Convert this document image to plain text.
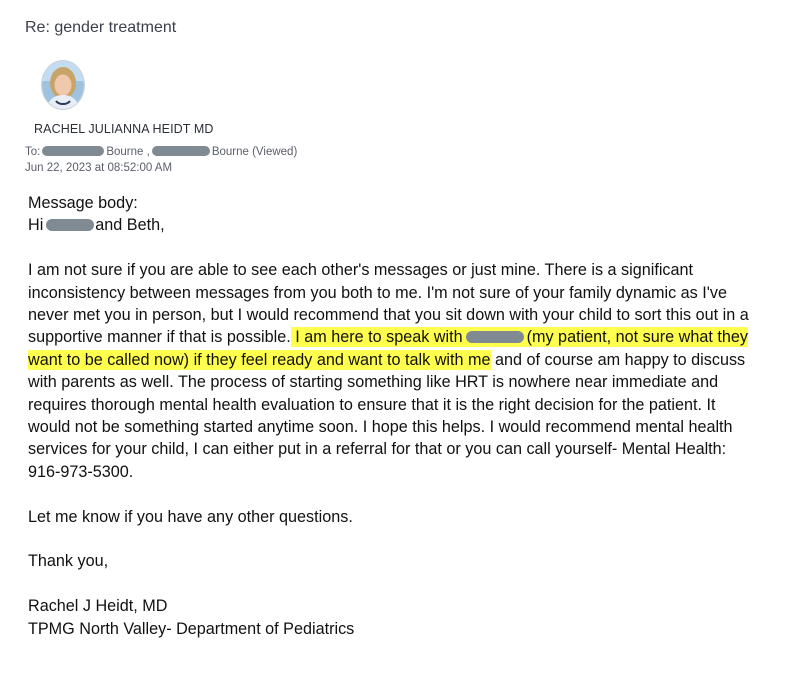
Re: gender treatment
RACHEL JULIANNA HEIDT MD
To:	Bourne ,	Bourne (Viewed)
Jun 22, 2023 at 08:52:00 AM

Message body:

Hi	and Beth,

I am not sure if you are able to see each other's messages or just mine. There is a significant inconsistency between messages from you both to me. I'm not sure of your family dynamic as I've never met you in person, but I would recommend that you sit down with your child to sort this out in a supportive manner if that is possible. I am here to speak with	(my patient, not sure what they want to be called now) if they feel ready and want to talk with me and of course am happy to discuss with parents as well. The process of starting something like HRT is nowhere near immediate and requires thorough mental health evaluation to ensure that it is the right decision for the patient. It would not be something started anytime soon. I hope this helps. I would recommend mental health services for your child, I can either put in a referral for that or you can call yourself- Mental Health: 916-973-5300.

Let me know if you have any other questions.

Thank you,

Rachel J Heidt, MD

TPMG North Valley- Department of Pediatrics
